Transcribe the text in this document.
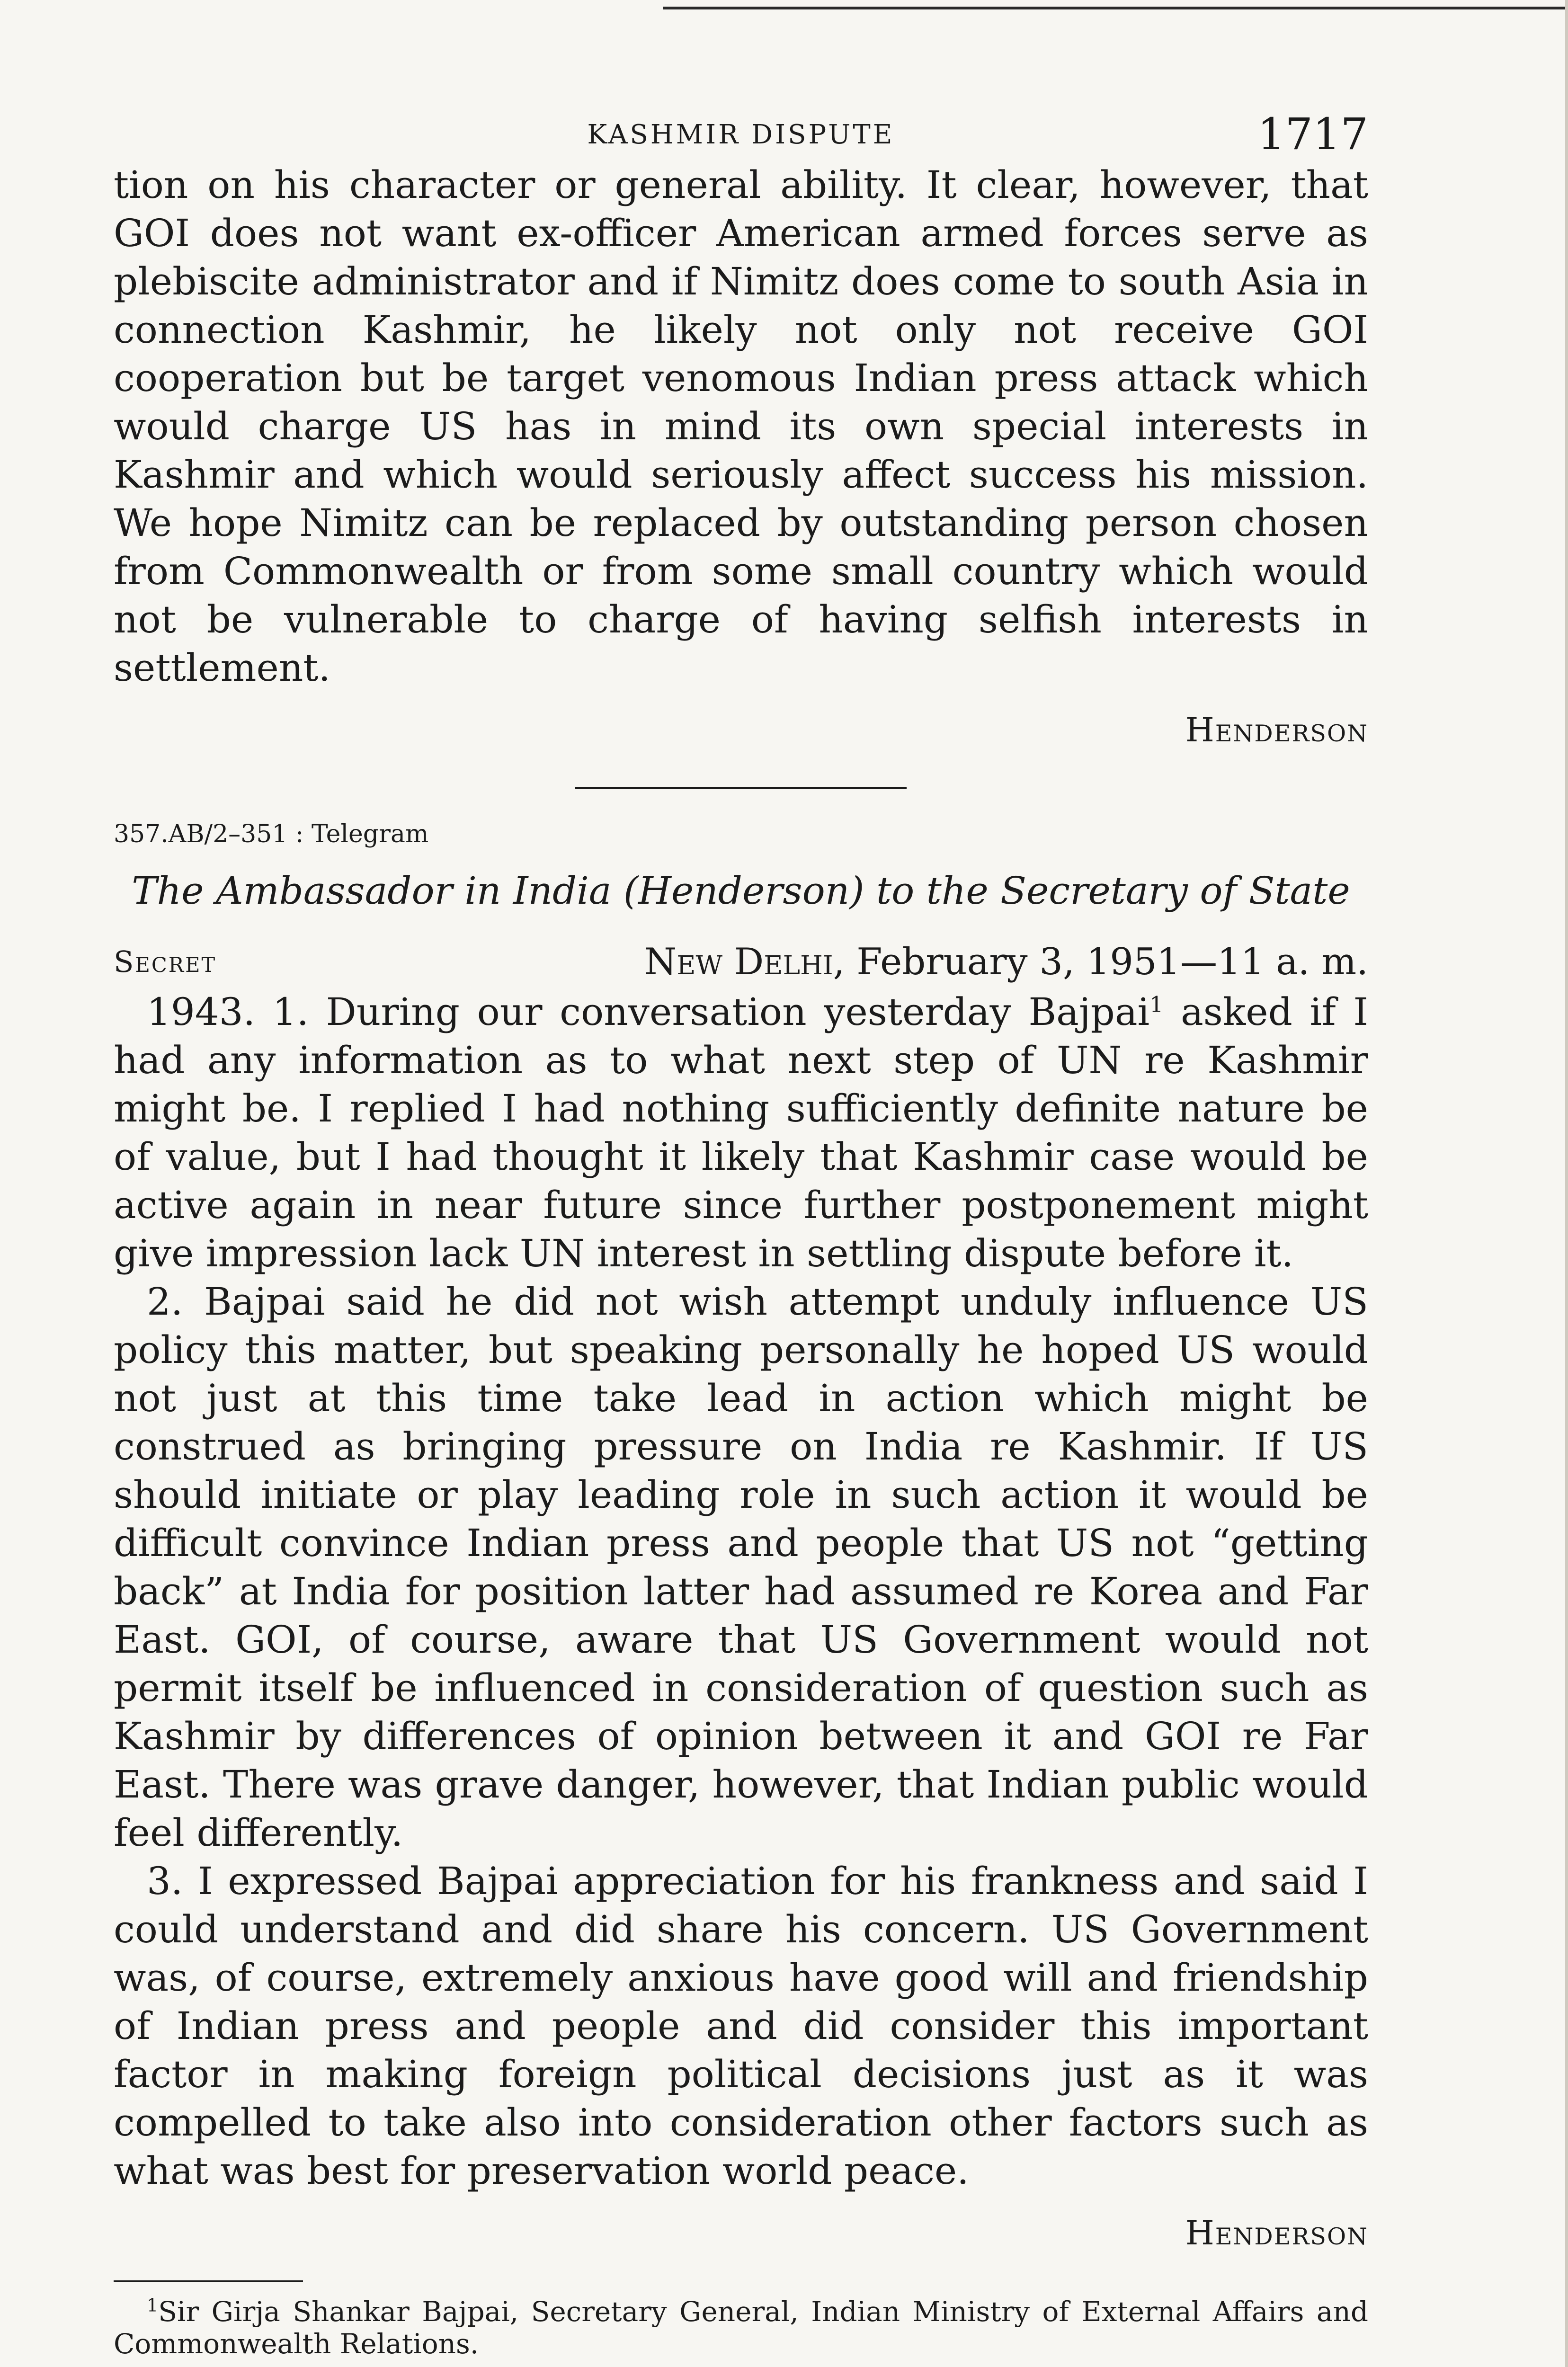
KASHMIR DISPUTE	1717

tion on his character or general ability. It clear, however, that GOI does not want ex-officer American armed forces serve as plebiscite administrator and if Nimitz does come to south Asia in connection Kashmir, he likely not only not receive GOI cooperation but be target venomous Indian press attack which would charge US has in mind its own special interests in Kashmir and which would seriously affect success his mission. We hope Nimitz can be replaced by outstanding person chosen from Commonwealth or from some small country which would not be vulnerable to charge of having selfish interests in settlement.

Henderson
357.AB/2–351 : Telegram
The Ambassador in India (Henderson) to the Secretary of State
Secret	New Delhi, February 3, 1951—11 a. m.

1943. 1. During our conversation yesterday Bajpai$^1$ asked if I had any information as to what next step of UN re Kashmir might be. I replied I had nothing sufficiently definite nature be of value, but I had thought it likely that Kashmir case would be active again in near future since further postponement might give impression lack UN interest in settling dispute before it.

2. Bajpai said he did not wish attempt unduly influence US policy this matter, but speaking personally he hoped US would not just at this time take lead in action which might be construed as bringing pressure on India re Kashmir. If US should initiate or play leading role in such action it would be difficult convince Indian press and people that US not “getting back” at India for position latter had assumed re Korea and Far East. GOI, of course, aware that US Government would not permit itself be influenced in consideration of question such as Kashmir by differences of opinion between it and GOI re Far East. There was grave danger, however, that Indian public would feel differently.

3. I expressed Bajpai appreciation for his frankness and said I could understand and did share his concern. US Government was, of course, extremely anxious have good will and friendship of Indian press and people and did consider this important factor in making foreign political decisions just as it was compelled to take also into consideration other factors such as what was best for preservation world peace.

Henderson

$^1$Sir Girja Shankar Bajpai, Secretary General, Indian Ministry of External Affairs and Commonwealth Relations.
